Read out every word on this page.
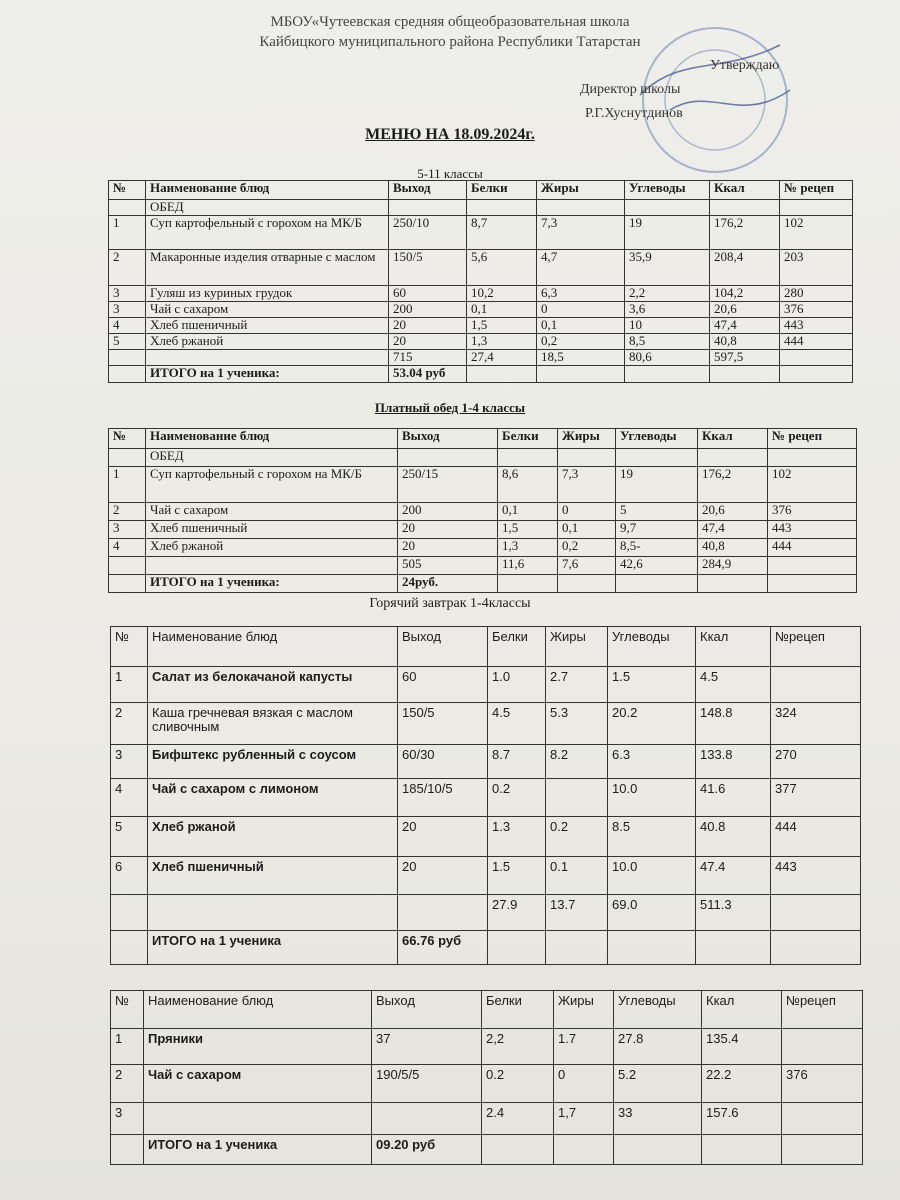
МБОУ«Чутеевская средняя общеобразовательная школа
Кайбицкого муниципального района Республики Татарстан
Утверждаю
Директор школы
Р.Г.Хуснутдинов
МЕНЮ НА 18.09.2024г.
5-11 классы
№	Наименование блюд	Выход	Белки	Жиры	Углеводы	Ккал	№ рецеп
	ОБЕД						
1	Суп картофельный с горохом на МК/Б	250/10	8,7	7,3	19	176,2	102
2	Макаронные изделия отварные с маслом	150/5	5,6	4,7	35,9	208,4	203
3	Гуляш из куриных грудок	60	10,2	6,3	2,2	104,2	280
3	Чай с сахаром	200	0,1	0	3,6	20,6	376
4	Хлеб пшеничный	20	1,5	0,1	10	47,4	443
5	Хлеб ржаной	20	1,3	0,2	8,5	40,8	444
		715	27,4	18,5	80,6	597,5	
	ИТОГО на 1 ученика:	53.04 руб					
Платный обед 1-4 классы
№	Наименование блюд	Выход	Белки	Жиры	Углеводы	Ккал	№ рецеп
	ОБЕД						
1	Суп картофельный с горохом на МК/Б	250/15	8,6	7,3	19	176,2	102
2	Чай с сахаром	200	0,1	0	5	20,6	376
3	Хлеб пшеничный	20	1,5	0,1	9,7	47,4	443
4	Хлеб ржаной	20	1,3	0,2	8,5-	40,8	444
		505	11,6	7,6	42,6	284,9	
	ИТОГО на 1 ученика:	24руб.					
Горячий завтрак 1-4классы
№	Наименование блюд	Выход	Белки	Жиры	Углеводы	Ккал	№рецеп
1	Салат из белокачаной капусты	60	1.0	2.7	1.5	4.5	
2	Каша гречневая вязкая с маслом сливочным	150/5	4.5	5.3	20.2	148.8	324
3	Бифштекс рубленный с соусом	60/30	8.7	8.2	6.3	133.8	270
4	Чай с сахаром с лимоном	185/10/5	0.2		10.0	41.6	377
5	Хлеб ржаной	20	1.3	0.2	8.5	40.8	444
6	Хлеб пшеничный	20	1.5	0.1	10.0	47.4	443
			27.9	13.7	69.0	511.3	
	ИТОГО на 1 ученика	66.76 руб					
№	Наименование блюд	Выход	Белки	Жиры	Углеводы	Ккал	№рецеп
1	Пряники	37	2,2	1.7	27.8	135.4	
2	Чай с сахаром	190/5/5	0.2	0	5.2	22.2	376
3			2.4	1,7	33	157.6	
	ИТОГО на 1 ученика	09.20 руб					
